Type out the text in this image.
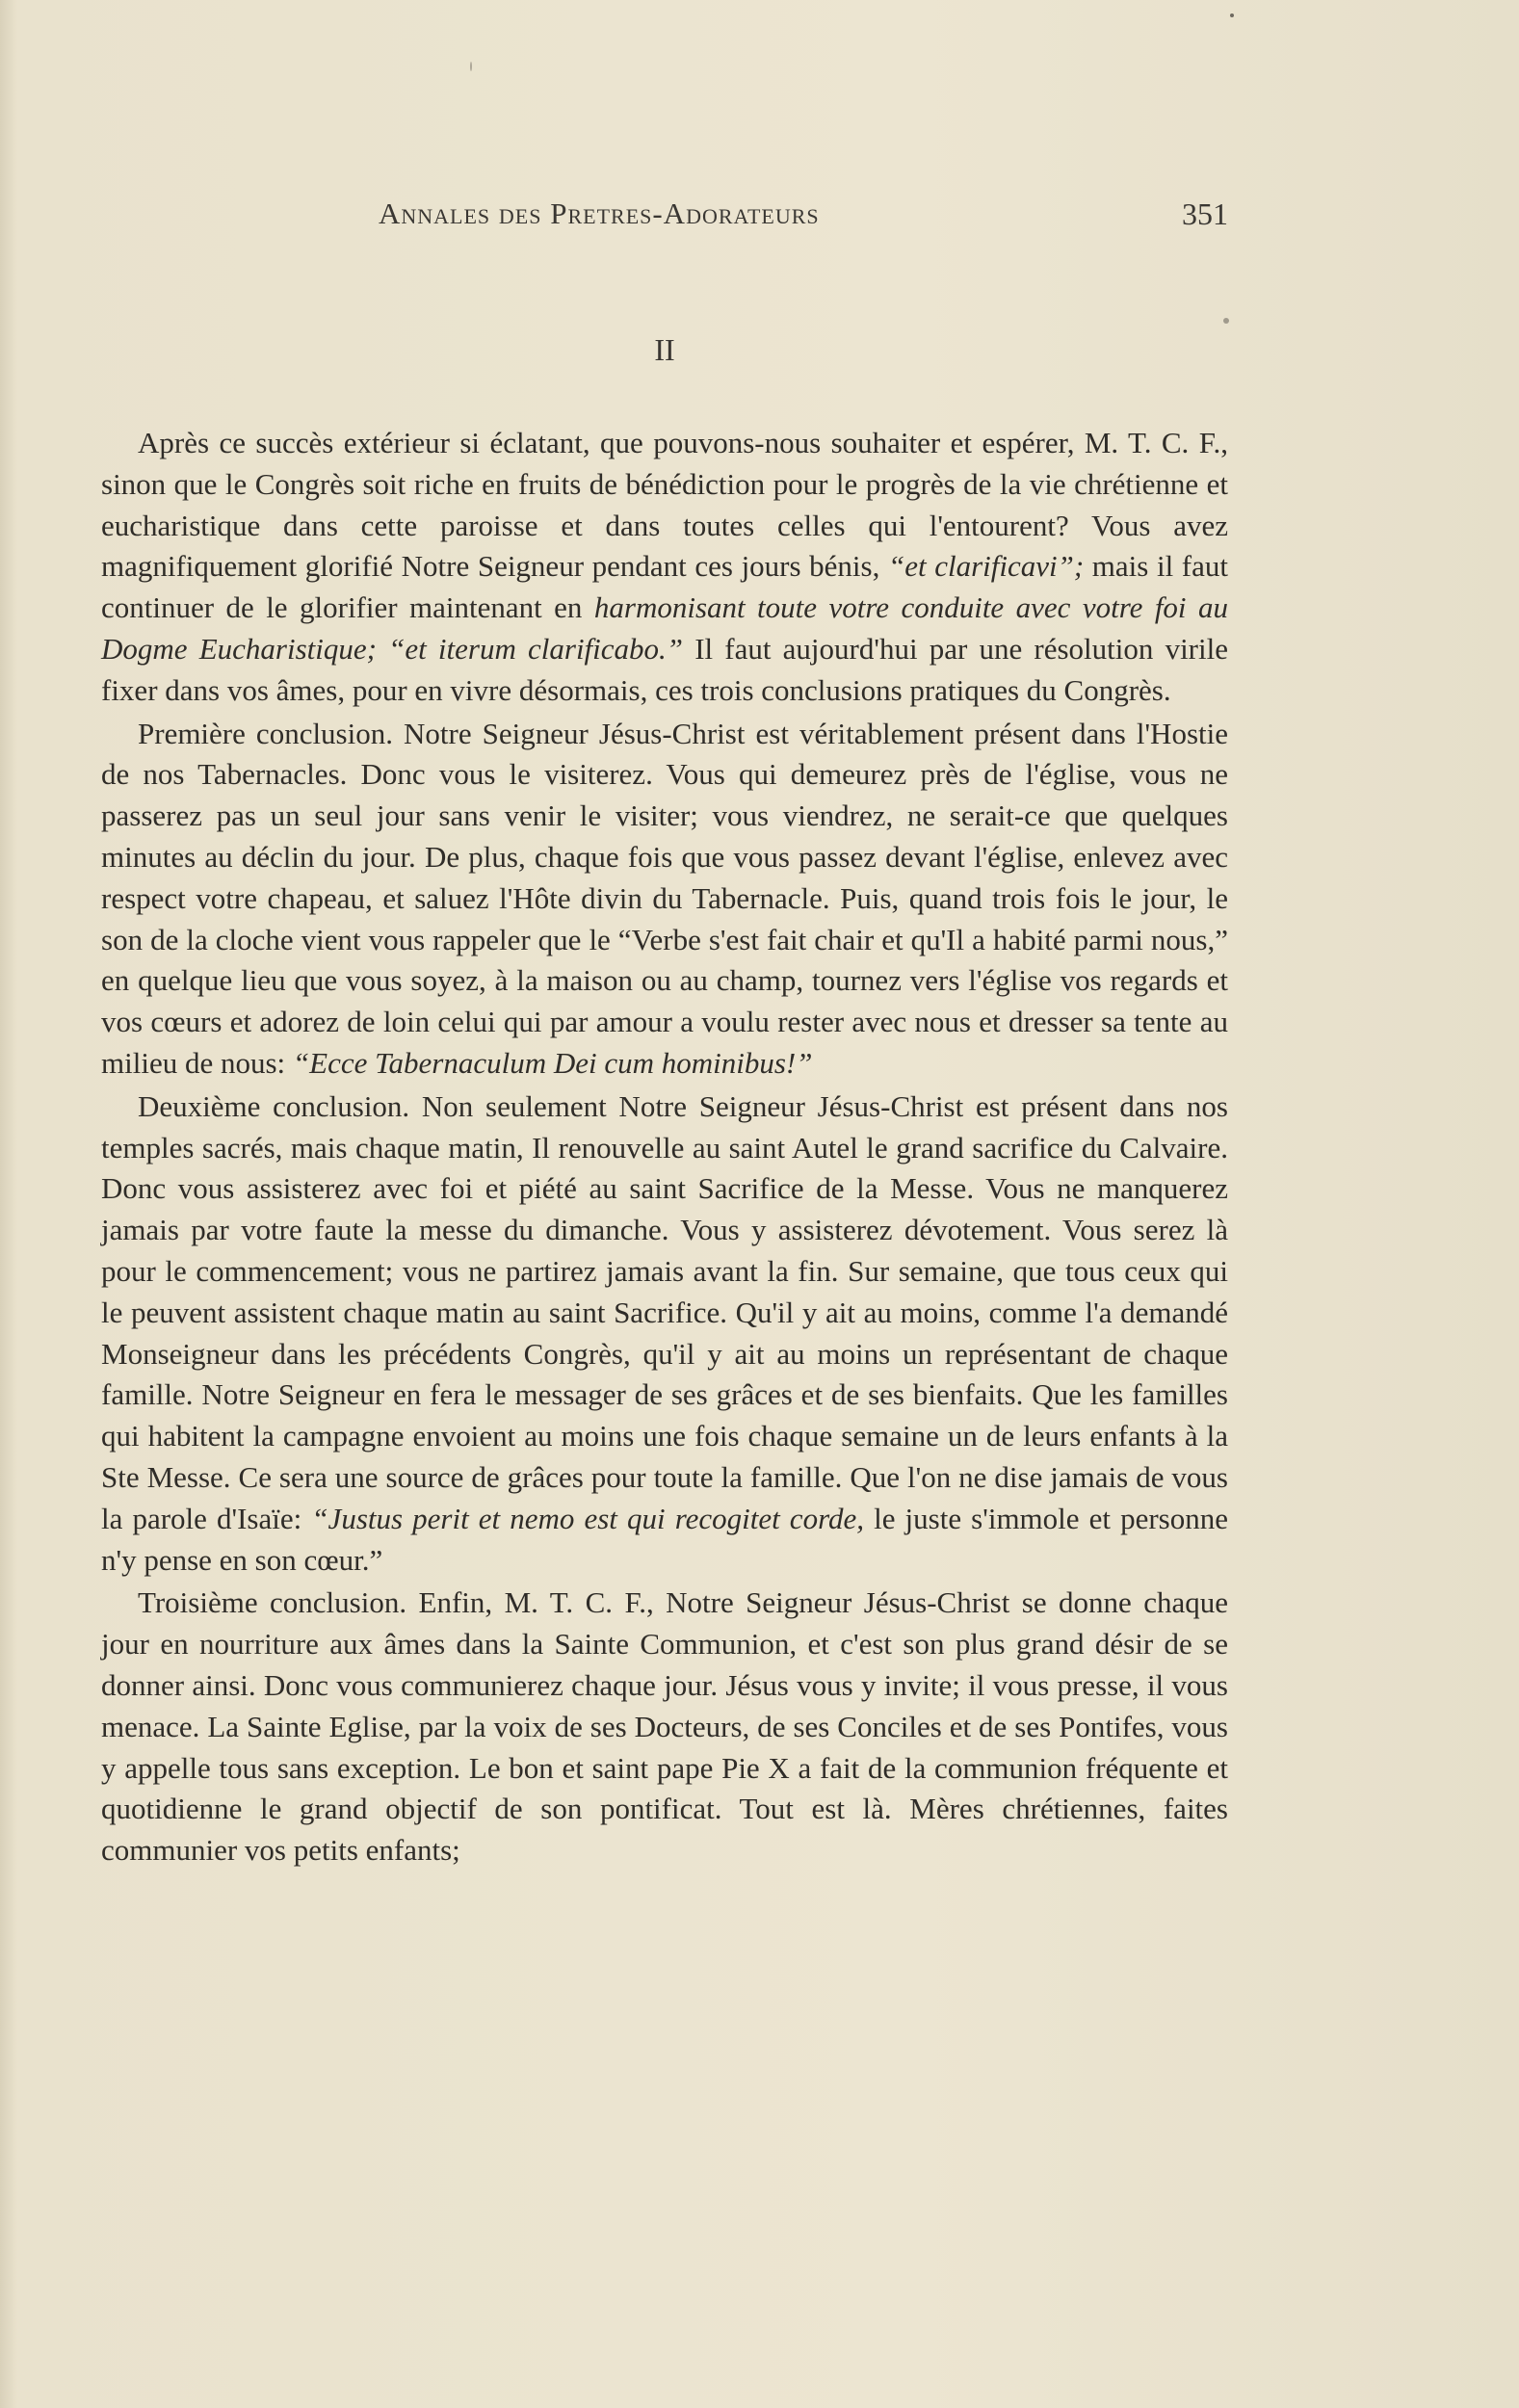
Annales des Pretres-Adorateurs	351
II

Après ce succès extérieur si éclatant, que pouvons-nous souhaiter et espérer, M. T. C. F., sinon que le Congrès soit riche en fruits de bénédiction pour le progrès de la vie chrétienne et eucharistique dans cette paroisse et dans toutes celles qui l'entourent? Vous avez magnifiquement glorifié Notre Seigneur pendant ces jours bénis, “et clarificavi”; mais il faut continuer de le glorifier maintenant en harmonisant toute votre conduite avec votre foi au Dogme Eucharistique; “et iterum clarificabo.” Il faut aujourd'hui par une résolution virile fixer dans vos âmes, pour en vivre désormais, ces trois conclusions pratiques du Congrès.

Première conclusion. Notre Seigneur Jésus-Christ est véritablement présent dans l'Hostie de nos Tabernacles. Donc vous le visiterez. Vous qui demeurez près de l'église, vous ne passerez pas un seul jour sans venir le visiter; vous viendrez, ne serait-ce que quelques minutes au déclin du jour. De plus, chaque fois que vous passez devant l'église, enlevez avec respect votre chapeau, et saluez l'Hôte divin du Tabernacle. Puis, quand trois fois le jour, le son de la cloche vient vous rappeler que le “Verbe s'est fait chair et qu'Il a habité parmi nous,” en quelque lieu que vous soyez, à la maison ou au champ, tournez vers l'église vos regards et vos cœurs et adorez de loin celui qui par amour a voulu rester avec nous et dresser sa tente au milieu de nous: “Ecce Tabernaculum Dei cum hominibus!”

Deuxième conclusion. Non seulement Notre Seigneur Jésus-Christ est présent dans nos temples sacrés, mais chaque matin, Il renouvelle au saint Autel le grand sacrifice du Calvaire. Donc vous assisterez avec foi et piété au saint Sacrifice de la Messe. Vous ne manquerez jamais par votre faute la messe du dimanche. Vous y assisterez dévotement. Vous serez là pour le commencement; vous ne partirez jamais avant la fin. Sur semaine, que tous ceux qui le peuvent assistent chaque matin au saint Sacrifice. Qu'il y ait au moins, comme l'a demandé Monseigneur dans les précédents Congrès, qu'il y ait au moins un représentant de chaque famille. Notre Seigneur en fera le messager de ses grâces et de ses bienfaits. Que les familles qui habitent la campagne envoient au moins une fois chaque semaine un de leurs enfants à la Ste Messe. Ce sera une source de grâces pour toute la famille. Que l'on ne dise jamais de vous la parole d'Isaïe: “Justus perit et nemo est qui recogitet corde, le juste s'immole et personne n'y pense en son cœur.”

Troisième conclusion. Enfin, M. T. C. F., Notre Seigneur Jésus-Christ se donne chaque jour en nourriture aux âmes dans la Sainte Communion, et c'est son plus grand désir de se donner ainsi. Donc vous communierez chaque jour. Jésus vous y invite; il vous presse, il vous menace. La Sainte Eglise, par la voix de ses Docteurs, de ses Conciles et de ses Pontifes, vous y appelle tous sans exception. Le bon et saint pape Pie X a fait de la communion fréquente et quotidienne le grand objectif de son pontificat. Tout est là. Mères chrétiennes, faites communier vos petits enfants;
